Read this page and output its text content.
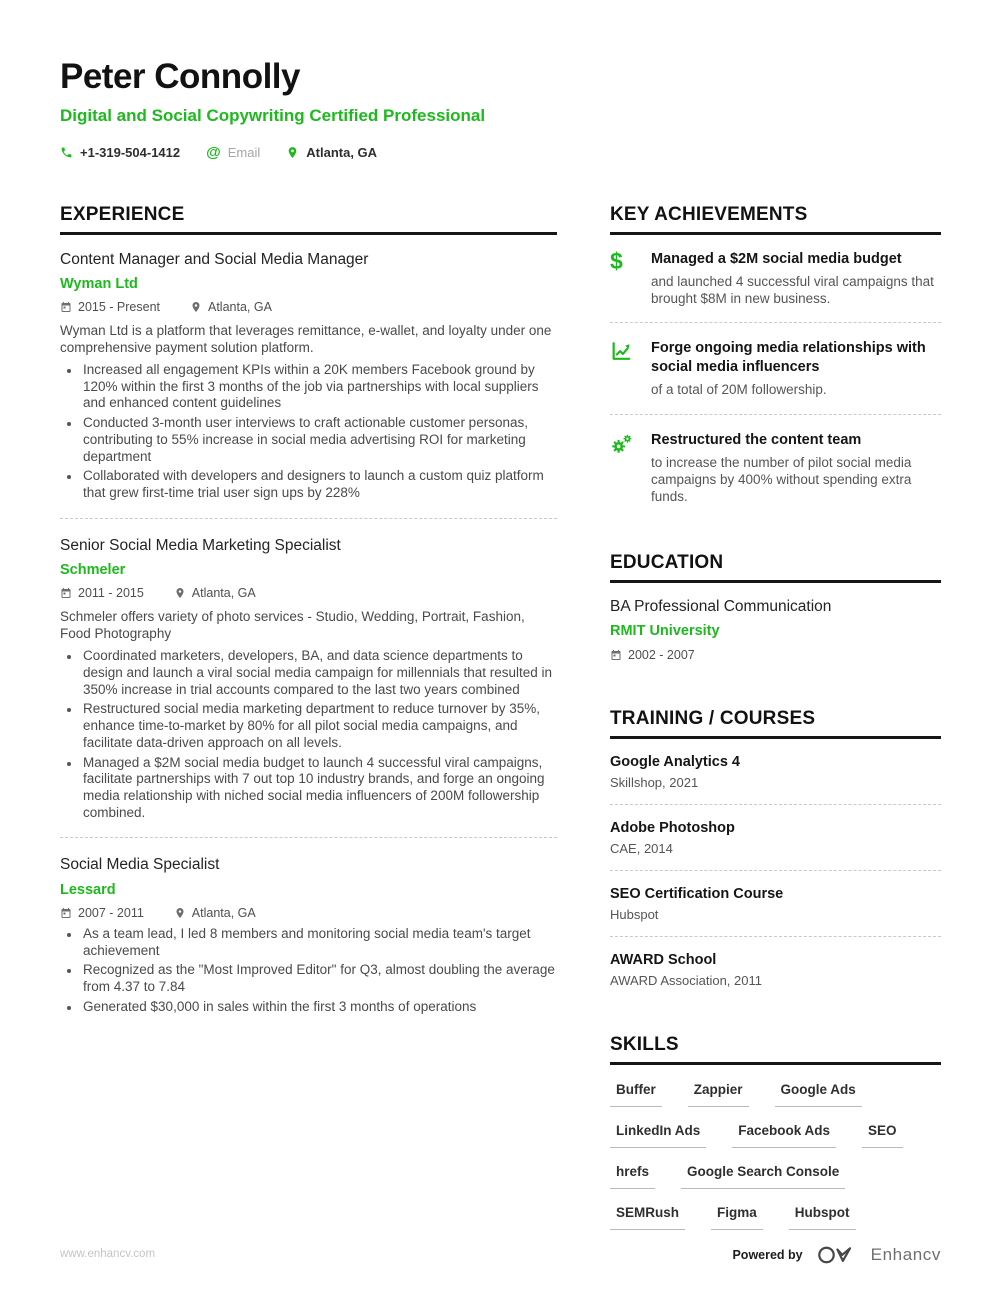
Peter Connolly
Digital and Social Copywriting Certified Professional
+1-319-504-1412 @ Email	Atlanta, GA
EXPERIENCE
Content Manager and Social Media Manager
Wyman Ltd
2015 - Present	Atlanta, GA
Wyman Ltd is a platform that leverages remittance, e-wallet, and loyalty under one comprehensive payment solution platform.
• Increased all engagement KPIs within a 20K members Facebook ground by 120% within the first 3 months of the job via partnerships with local suppliers and enhanced content guidelines
• Conducted 3-month user interviews to craft actionable customer personas, contributing to 55% increase in social media advertising ROI for marketing department
• Collaborated with developers and designers to launch a custom quiz platform that grew first-time trial user sign ups by 228%
Senior Social Media Marketing Specialist
Schmeler
2011 - 2015	Atlanta, GA
Schmeler offers variety of photo services - Studio, Wedding, Portrait, Fashion, Food Photography
• Coordinated marketers, developers, BA, and data science departments to design and launch a viral social media campaign for millennials that resulted in 350% increase in trial accounts compared to the last two years combined
• Restructured social media marketing department to reduce turnover by 35%, enhance time-to-market by 80% for all pilot social media campaigns, and facilitate data-driven approach on all levels.
• Managed a $2M social media budget to launch 4 successful viral campaigns, facilitate partnerships with 7 out top 10 industry brands, and forge an ongoing media relationship with niched social media influencers of 200M followership combined.
Social Media Specialist
Lessard
2007 - 2011	Atlanta, GA
• As a team lead, I led 8 members and monitoring social media team's target achievement
• Recognized as the "Most Improved Editor" for Q3, almost doubling the average from 4.37 to 7.84
• Generated $30,000 in sales within the first 3 months of operations
KEY ACHIEVEMENTS
$ Managed a $2M social media budget
and launched 4 successful viral campaigns that brought $8M in new business.
Forge ongoing media relationships with social media influencers
of a total of 20M followership.
Restructured the content team
to increase the number of pilot social media campaigns by 400% without spending extra funds.
EDUCATION
BA Professional Communication
RMIT University
2002 - 2007
TRAINING / COURSES
Google Analytics 4
Skillshop, 2021
Adobe Photoshop
CAE, 2014
SEO Certification Course
Hubspot
AWARD School
AWARD Association, 2011
SKILLS
Buffer	Zappier	Google Ads
LinkedIn Ads	Facebook Ads	SEO
hrefs	Google Search Console
SEMRush	Figma	Hubspot
www.enhancv.com	Powered by	Enhancv
